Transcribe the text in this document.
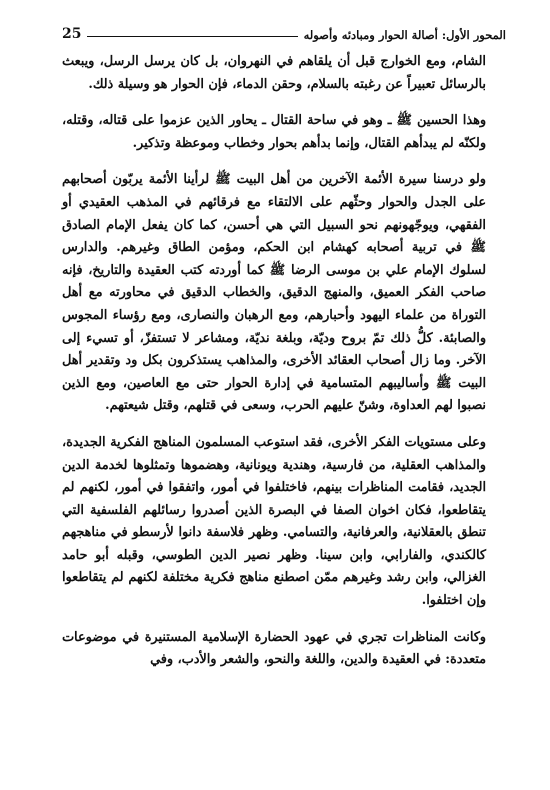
المحور الأول: أصالة الحوار ومبادئه وأصوله
25

الشام، ومع الخوارج قبل أن يلقاهم في النهروان، بل كان يرسل الرسل، ويبعث بالرسائل تعبيراً عن رغبته بالسلام، وحقن الدماء، فإن الحوار هو وسيلة ذلك.

وهذا الحسين ﷺ ـ وهو في ساحة القتال ـ يحاور الذين عزموا على قتاله، وقتله، ولكنّه لم يبدأهم القتال، وإنما بدأهم بحوار وخطاب وموعظة وتذكير.

ولو درسنا سيرة الأئمة الآخرين من أهل البيت ﷺ لرأينا الأئمة يربّون أصحابهم على الجدل والحوار وحثّهم على الالتقاء مع فرقائهم في المذهب العقيدي أو الفقهي، ويوجّهونهم نحو السبيل التي هي أحسن، كما كان يفعل الإمام الصادق ﷺ في تربية أصحابه كهشام ابن الحكم، ومؤمن الطاق وغيرهم. والدارس لسلوك الإمام علي بن موسى الرضا ﷺ كما أوردته كتب العقيدة والتاريخ، فإنه صاحب الفكر العميق، والمنهج الدقيق، والخطاب الدقيق في محاورته مع أهل التوراة من علماء اليهود وأحبارهم، ومع الرهبان والنصارى، ومع رؤساء المجوس والصابئة. كلُّ ذلك تمّ بروح وديّة، وبلغة نديّة، ومشاعر لا تستفزّ، أو تسيء إلى الآخر. وما زال أصحاب العقائد الأخرى، والمذاهب يستذكرون بكل ود وتقدير أهل البيت ﷺ وأساليبهم المتسامية في إدارة الحوار حتى مع العاصين، ومع الذين نصبوا لهم العداوة، وشنّ عليهم الحرب، وسعى في قتلهم، وقتل شيعتهم.

وعلى مستويات الفكر الأخرى، فقد استوعب المسلمون المناهج الفكرية الجديدة، والمذاهب العقلية، من فارسية، وهندية ويونانية، وهضموها وتمثلوها لخدمة الدين الجديد، فقامت المناظرات بينهم، فاختلفوا في أمور، واتفقوا في أمور، لكنهم لم يتقاطعوا، فكان اخوان الصفا في البصرة الذين أصدروا رسائلهم الفلسفية التي تنطق بالعقلانية، والعرفانية، والتسامي. وظهر فلاسفة دانوا لأرسطو في مناهجهم كالكندي، والفارابي، وابن سينا. وظهر نصير الدين الطوسي، وقبله أبو حامد الغزالي، وابن رشد وغيرهم ممّن اصطنع مناهج فكرية مختلفة لكنهم لم يتقاطعوا وإن اختلفوا.

وكانت المناظرات تجري في عهود الحضارة الإسلامية المستنيرة في موضوعات متعددة: في العقيدة والدين، واللغة والنحو، والشعر والأدب، وفي
